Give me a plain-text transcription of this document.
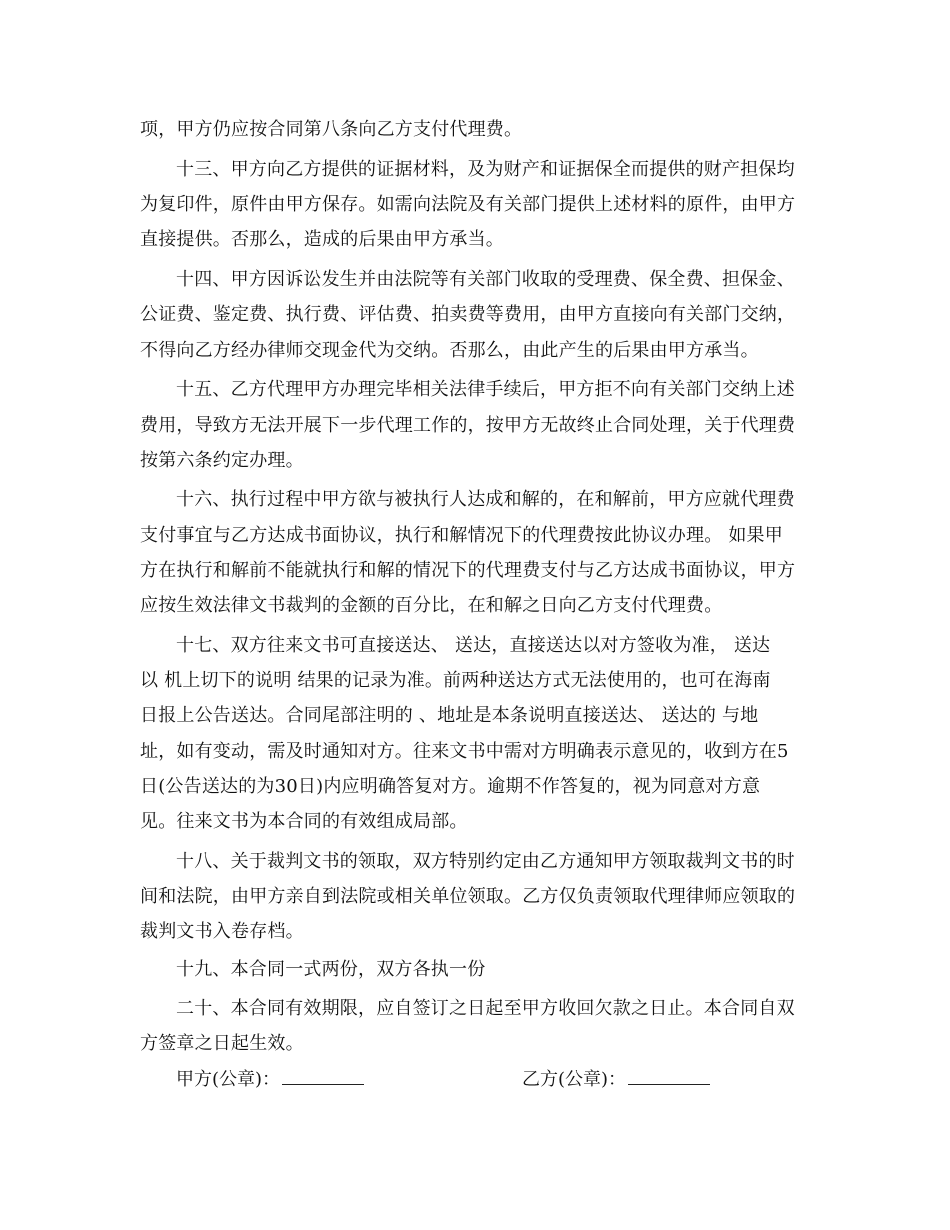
项，甲方仍应按合同第八条向乙方支付代理费。
十三、甲方向乙方提供的证据材料，及为财产和证据保全而提供的财产担保均
为复印件，原件由甲方保存。如需向法院及有关部门提供上述材料的原件，由甲方
直接提供。否那么，造成的后果由甲方承当。
十四、甲方因诉讼发生并由法院等有关部门收取的受理费、保全费、担保金、
公证费、鉴定费、执行费、评估费、拍卖费等费用，由甲方直接向有关部门交纳，
不得向乙方经办律师交现金代为交纳。否那么，由此产生的后果由甲方承当。
十五、乙方代理甲方办理完毕相关法律手续后，甲方拒不向有关部门交纳上述
费用，导致方无法开展下一步代理工作的，按甲方无故终止合同处理，关于代理费
按第六条约定办理。
十六、执行过程中甲方欲与被执行人达成和解的，在和解前，甲方应就代理费
支付事宜与乙方达成书面协议，执行和解情况下的代理费按此协议办理。 如果甲
方在执行和解前不能就执行和解的情况下的代理费支付与乙方达成书面协议，甲方
应按生效法律文书裁判的金额的百分比，在和解之日向乙方支付代理费。
十七、双方往来文书可直接送达、 送达，直接送达以对方签收为准， 送达
以 机上切下的说明 结果的记录为准。前两种送达方式无法使用的，也可在海南
日报上公告送达。合同尾部注明的 、地址是本条说明直接送达、 送达的 与地
址，如有变动，需及时通知对方。往来文书中需对方明确表示意见的，收到方在5
日(公告送达的为30日)内应明确答复对方。逾期不作答复的，视为同意对方意
见。往来文书为本合同的有效组成局部。
十八、关于裁判文书的领取，双方特别约定由乙方通知甲方领取裁判文书的时
间和法院，由甲方亲自到法院或相关单位领取。乙方仅负责领取代理律师应领取的
裁判文书入卷存档。
十九、本合同一式两份，双方各执一份
二十、本合同有效期限，应自签订之日起至甲方收回欠款之日止。本合同自双
方签章之日起生效。
甲方(公章)：	乙方(公章)：
